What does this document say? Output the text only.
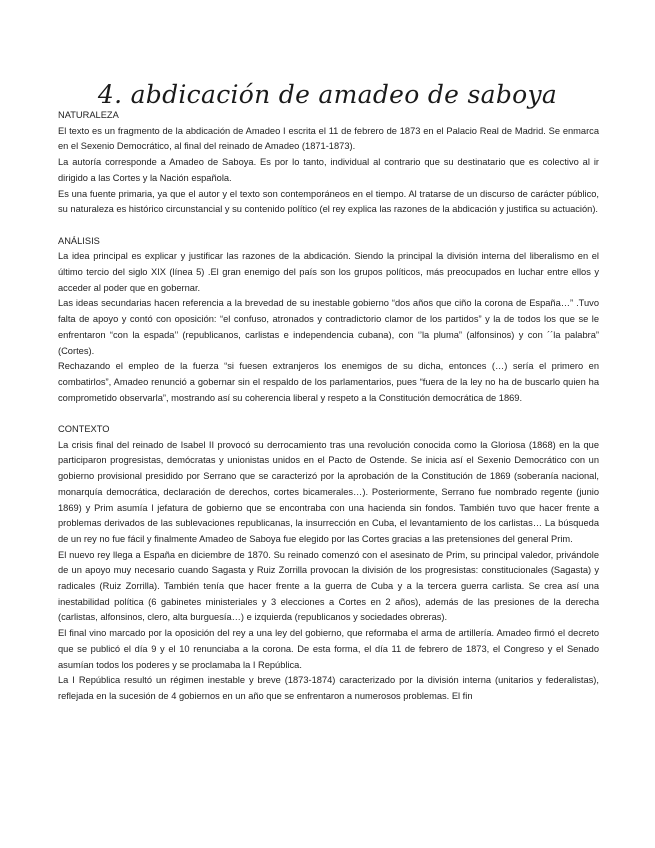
4. abdicación de amadeo de saboya
NATURALEZA

El texto es un fragmento de la abdicación de Amadeo I escrita el 11 de febrero de 1873 en el Palacio Real de Madrid. Se enmarca en el Sexenio Democrático, al final del reinado de Amadeo (1871-1873).

La autoría corresponde a Amadeo de Saboya. Es por lo tanto, individual al contrario que su destinatario que es colectivo al ir dirigido a las Cortes y la Nación española.

Es una fuente primaria, ya que el autor y el texto son contemporáneos en el tiempo. Al tratarse de un discurso de carácter público, su naturaleza es histórico circunstancial y su contenido político (el rey explica las razones de la abdicación y justifica su actuación).

ANÁLISIS

La idea principal es explicar y justificar las razones de la abdicación. Siendo la principal la división interna del liberalismo en el último tercio del siglo XIX (línea 5) .El gran enemigo del país son los grupos políticos, más preocupados en luchar entre ellos y acceder al poder que en gobernar.

Las ideas secundarias hacen referencia a la brevedad de su inestable gobierno “dos años que ciño la corona de España…” .Tuvo falta de apoyo y contó con oposición: “el confuso, atronados y contradictorio clamor de los partidos” y la de todos los que se le enfrentaron “con la espada’’ (republicanos, carlistas e independencia cubana), con ‘’la pluma” (alfonsinos) y con ´´la palabra” (Cortes).

Rechazando el empleo de la fuerza “si fuesen extranjeros los enemigos de su dicha, entonces (…) sería el primero en combatirlos”, Amadeo renunció a gobernar sin el respaldo de los parlamentarios, pues “fuera de la ley no ha de buscarlo quien ha comprometido observarla”, mostrando así su coherencia liberal y respeto a la Constitución democrática de 1869.

CONTEXTO

La crisis final del reinado de Isabel II provocó su derrocamiento tras una revolución conocida como la Gloriosa (1868) en la que participaron progresistas, demócratas y unionistas unidos en el Pacto de Ostende. Se inicia así el Sexenio Democrático con un gobierno provisional presidido por Serrano que se caracterizó por la aprobación de la Constitución de 1869 (soberanía nacional, monarquía democrática, declaración de derechos, cortes bicamerales…). Posteriormente, Serrano fue nombrado regente (junio 1869) y Prim asumía l jefatura de gobierno que se encontraba con una hacienda sin fondos. También tuvo que hacer frente a problemas derivados de las sublevaciones republicanas, la insurrección en Cuba, el levantamiento de los carlistas… La búsqueda de un rey no fue fácil y finalmente Amadeo de Saboya fue elegido por las Cortes gracias a las pretensiones del general Prim.

El nuevo rey llega a España en diciembre de 1870. Su reinado comenzó con el asesinato de Prim, su principal valedor, privándole de un apoyo muy necesario cuando Sagasta y Ruiz Zorrilla provocan la división de los progresistas: constitucionales (Sagasta) y radicales (Ruiz Zorrilla). También tenía que hacer frente a la guerra de Cuba y a la tercera guerra carlista. Se crea así una inestabilidad política (6 gabinetes ministeriales y 3 elecciones a Cortes en 2 años), además de las presiones de la derecha (carlistas, alfonsinos, clero, alta burguesía…) e izquierda (republicanos y sociedades obreras).

El final vino marcado por la oposición del rey a una ley del gobierno, que reformaba el arma de artillería. Amadeo firmó el decreto que se publicó el día 9 y el 10 renunciaba a la corona. De esta forma, el día 11 de febrero de 1873, el Congreso y el Senado asumían todos los poderes y se proclamaba la I República.

La I República resultó un régimen inestable y breve (1873-1874) caracterizado por la división interna (unitarios y federalistas), reflejada en la sucesión de 4 gobiernos en un año que se enfrentaron a numerosos problemas. El fin
